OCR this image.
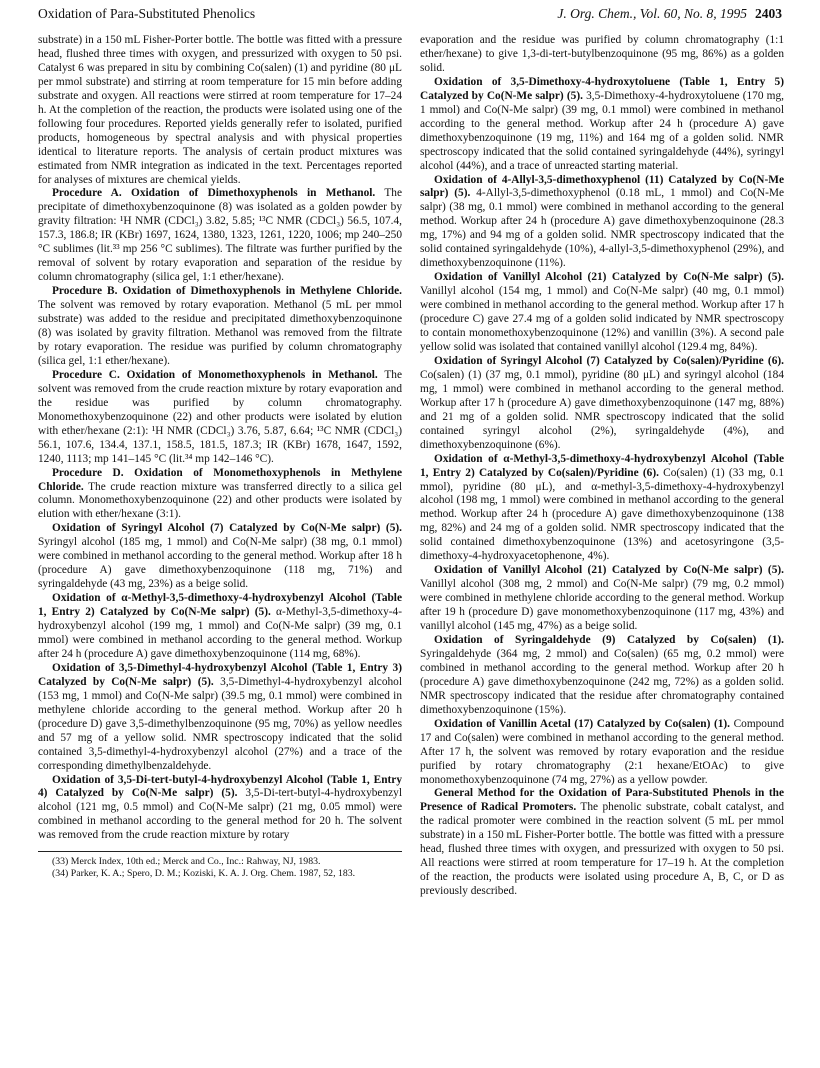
Oxidation of Para-Substituted Phenolics	J. Org. Chem., Vol. 60, No. 8, 1995 2403

substrate) in a 150 mL Fisher-Porter bottle. The bottle was fitted with a pressure head, flushed three times with oxygen, and pressurized with oxygen to 50 psi. Catalyst 6 was prepared in situ by combining Co(salen) (1) and pyridine (80 μL per mmol substrate) and stirring at room temperature for 15 min before adding substrate and oxygen. All reactions were stirred at room temperature for 17–24 h. At the completion of the reaction, the products were isolated using one of the following four procedures. Reported yields generally refer to isolated, purified products, homogeneous by spectral analysis and with physical properties identical to literature reports. The analysis of certain product mixtures was estimated from NMR integration as indicated in the text. Percentages reported for analyses of mixtures are chemical yields.

Procedure A. Oxidation of Dimethoxyphenols in Methanol. The precipitate of dimethoxybenzoquinone (8) was isolated as a golden powder by gravity filtration: ¹H NMR (CDCl₃) 3.82, 5.85; ¹³C NMR (CDCl₃) 56.5, 107.4, 157.3, 186.8; IR (KBr) 1697, 1624, 1380, 1323, 1261, 1220, 1006; mp 240–250 °C sublimes (lit.³³ mp 256 °C sublimes). The filtrate was further purified by the removal of solvent by rotary evaporation and separation of the residue by column chromatography (silica gel, 1:1 ether/hexane).

Procedure B. Oxidation of Dimethoxyphenols in Methylene Chloride. The solvent was removed by rotary evaporation. Methanol (5 mL per mmol substrate) was added to the residue and precipitated dimethoxybenzoquinone (8) was isolated by gravity filtration. Methanol was removed from the filtrate by rotary evaporation. The residue was purified by column chromatography (silica gel, 1:1 ether/hexane).

Procedure C. Oxidation of Monomethoxyphenols in Methanol. The solvent was removed from the crude reaction mixture by rotary evaporation and the residue was purified by column chromatography. Monomethoxybenzoquinone (22) and other products were isolated by elution with ether/hexane (2:1): ¹H NMR (CDCl₃) 3.76, 5.87, 6.64; ¹³C NMR (CDCl₃) 56.1, 107.6, 134.4, 137.1, 158.5, 181.5, 187.3; IR (KBr) 1678, 1647, 1592, 1240, 1113; mp 141–145 °C (lit.³⁴ mp 142–146 °C).

Procedure D. Oxidation of Monomethoxyphenols in Methylene Chloride. The crude reaction mixture was transferred directly to a silica gel column. Monomethoxybenzoquinone (22) and other products were isolated by elution with ether/hexane (3:1).

Oxidation of Syringyl Alcohol (7) Catalyzed by Co(N-Me salpr) (5). Syringyl alcohol (185 mg, 1 mmol) and Co(N-Me salpr) (38 mg, 0.1 mmol) were combined in methanol according to the general method. Workup after 18 h (procedure A) gave dimethoxybenzoquinone (118 mg, 71%) and syringaldehyde (43 mg, 23%) as a beige solid.

Oxidation of α-Methyl-3,5-dimethoxy-4-hydroxybenzyl Alcohol (Table 1, Entry 2) Catalyzed by Co(N-Me salpr) (5). α-Methyl-3,5-dimethoxy-4-hydroxybenzyl alcohol (199 mg, 1 mmol) and Co(N-Me salpr) (39 mg, 0.1 mmol) were combined in methanol according to the general method. Workup after 24 h (procedure A) gave dimethoxybenzoquinone (114 mg, 68%).

Oxidation of 3,5-Dimethyl-4-hydroxybenzyl Alcohol (Table 1, Entry 3) Catalyzed by Co(N-Me salpr) (5). 3,5-Dimethyl-4-hydroxybenzyl alcohol (153 mg, 1 mmol) and Co(N-Me salpr) (39.5 mg, 0.1 mmol) were combined in methylene chloride according to the general method. Workup after 20 h (procedure D) gave 3,5-dimethylbenzoquinone (95 mg, 70%) as yellow needles and 57 mg of a yellow solid. NMR spectroscopy indicated that the solid contained 3,5-dimethyl-4-hydroxybenzyl alcohol (27%) and a trace of the corresponding dimethylbenzaldehyde.

Oxidation of 3,5-Di-tert-butyl-4-hydroxybenzyl Alcohol (Table 1, Entry 4) Catalyzed by Co(N-Me salpr) (5). 3,5-Di-tert-butyl-4-hydroxybenzyl alcohol (121 mg, 0.5 mmol) and Co(N-Me salpr) (21 mg, 0.05 mmol) were combined in methanol according to the general method for 20 h. The solvent was removed from the crude reaction mixture by rotary

(33) Merck Index, 10th ed.; Merck and Co., Inc.: Rahway, NJ, 1983.
(34) Parker, K. A.; Spero, D. M.; Koziski, K. A. J. Org. Chem. 1987, 52, 183.

evaporation and the residue was purified by column chromatography (1:1 ether/hexane) to give 1,3-di-tert-butylbenzoquinone (95 mg, 86%) as a golden solid.

Oxidation of 3,5-Dimethoxy-4-hydroxytoluene (Table 1, Entry 5) Catalyzed by Co(N-Me salpr) (5). 3,5-Dimethoxy-4-hydroxytoluene (170 mg, 1 mmol) and Co(N-Me salpr) (39 mg, 0.1 mmol) were combined in methanol according to the general method. Workup after 24 h (procedure A) gave dimethoxybenzoquinone (19 mg, 11%) and 164 mg of a golden solid. NMR spectroscopy indicated that the solid contained syringaldehyde (44%), syringyl alcohol (44%), and a trace of unreacted starting material.

Oxidation of 4-Allyl-3,5-dimethoxyphenol (11) Catalyzed by Co(N-Me salpr) (5). 4-Allyl-3,5-dimethoxyphenol (0.18 mL, 1 mmol) and Co(N-Me salpr) (38 mg, 0.1 mmol) were combined in methanol according to the general method. Workup after 24 h (procedure A) gave dimethoxybenzoquinone (28.3 mg, 17%) and 94 mg of a golden solid. NMR spectroscopy indicated that the solid contained syringaldehyde (10%), 4-allyl-3,5-dimethoxyphenol (29%), and dimethoxybenzoquinone (11%).

Oxidation of Vanillyl Alcohol (21) Catalyzed by Co(N-Me salpr) (5). Vanillyl alcohol (154 mg, 1 mmol) and Co(N-Me salpr) (40 mg, 0.1 mmol) were combined in methanol according to the general method. Workup after 17 h (procedure C) gave 27.4 mg of a golden solid indicated by NMR spectroscopy to contain monomethoxybenzoquinone (12%) and vanillin (3%). A second pale yellow solid was isolated that contained vanillyl alcohol (129.4 mg, 84%).

Oxidation of Syringyl Alcohol (7) Catalyzed by Co(salen)/Pyridine (6). Co(salen) (1) (37 mg, 0.1 mmol), pyridine (80 μL) and syringyl alcohol (184 mg, 1 mmol) were combined in methanol according to the general method. Workup after 17 h (procedure A) gave dimethoxybenzoquinone (147 mg, 88%) and 21 mg of a golden solid. NMR spectroscopy indicated that the solid contained syringyl alcohol (2%), syringaldehyde (4%), and dimethoxybenzoquinone (6%).

Oxidation of α-Methyl-3,5-dimethoxy-4-hydroxybenzyl Alcohol (Table 1, Entry 2) Catalyzed by Co(salen)/Pyridine (6). Co(salen) (1) (33 mg, 0.1 mmol), pyridine (80 μL), and α-methyl-3,5-dimethoxy-4-hydroxybenzyl alcohol (198 mg, 1 mmol) were combined in methanol according to the general method. Workup after 24 h (procedure A) gave dimethoxybenzoquinone (138 mg, 82%) and 24 mg of a golden solid. NMR spectroscopy indicated that the solid contained dimethoxybenzoquinone (13%) and acetosyringone (3,5-dimethoxy-4-hydroxyacetophenone, 4%).

Oxidation of Vanillyl Alcohol (21) Catalyzed by Co(N-Me salpr) (5). Vanillyl alcohol (308 mg, 2 mmol) and Co(N-Me salpr) (79 mg, 0.2 mmol) were combined in methylene chloride according to the general method. Workup after 19 h (procedure D) gave monomethoxybenzoquinone (117 mg, 43%) and vanillyl alcohol (145 mg, 47%) as a beige solid.

Oxidation of Syringaldehyde (9) Catalyzed by Co(salen) (1). Syringaldehyde (364 mg, 2 mmol) and Co(salen) (65 mg, 0.2 mmol) were combined in methanol according to the general method. Workup after 20 h (procedure A) gave dimethoxybenzoquinone (242 mg, 72%) as a golden solid. NMR spectroscopy indicated that the residue after chromatography contained dimethoxybenzoquinone (15%).

Oxidation of Vanillin Acetal (17) Catalyzed by Co(salen) (1). Compound 17 and Co(salen) were combined in methanol according to the general method. After 17 h, the solvent was removed by rotary evaporation and the residue purified by rotary chromatography (2:1 hexane/EtOAc) to give monomethoxybenzoquinone (74 mg, 27%) as a yellow powder.

General Method for the Oxidation of Para-Substituted Phenols in the Presence of Radical Promoters. The phenolic substrate, cobalt catalyst, and the radical promoter were combined in the reaction solvent (5 mL per mmol substrate) in a 150 mL Fisher-Porter bottle. The bottle was fitted with a pressure head, flushed three times with oxygen, and pressurized with oxygen to 50 psi. All reactions were stirred at room temperature for 17–19 h. At the completion of the reaction, the products were isolated using procedure A, B, C, or D as previously described.
